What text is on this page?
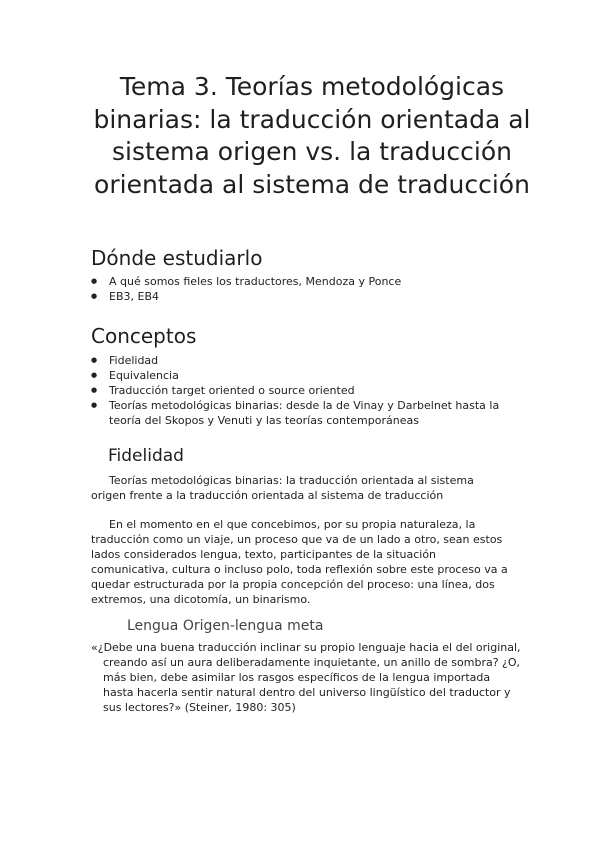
Tema 3. Teorías metodológicas binarias: la traducción orientada al sistema origen vs. la traducción orientada al sistema de traducción
Dónde estudiarlo
● A qué somos fieles los traductores, Mendoza y Ponce
● EB3, EB4
Conceptos
● Fidelidad
● Equivalencia
● Traducción target oriented o source oriented
● Teorías metodológicas binarias: desde la de Vinay y Darbelnet hasta la teoría del Skopos y Venuti y las teorías contemporáneas
Fidelidad

Teorías metodológicas binarias: la traducción orientada al sistema origen frente a la traducción orientada al sistema de traducción

En el momento en el que concebimos, por su propia naturaleza, la traducción como un viaje, un proceso que va de un lado a otro, sean estos lados considerados lengua, texto, participantes de la situación comunicativa, cultura o incluso polo, toda reflexión sobre este proceso va a quedar estructurada por la propia concepción del proceso: una línea, dos extremos, una dicotomía, un binarismo.

Lengua Origen-lengua meta

«¿Debe una buena traducción inclinar su propio lenguaje hacia el del original, creando así un aura deliberadamente inquietante, un anillo de sombra? ¿O, más bien, debe asimilar los rasgos específicos de la lengua importada hasta hacerla sentir natural dentro del universo lingüístico del traductor y sus lectores?» (Steiner, 1980: 305)
